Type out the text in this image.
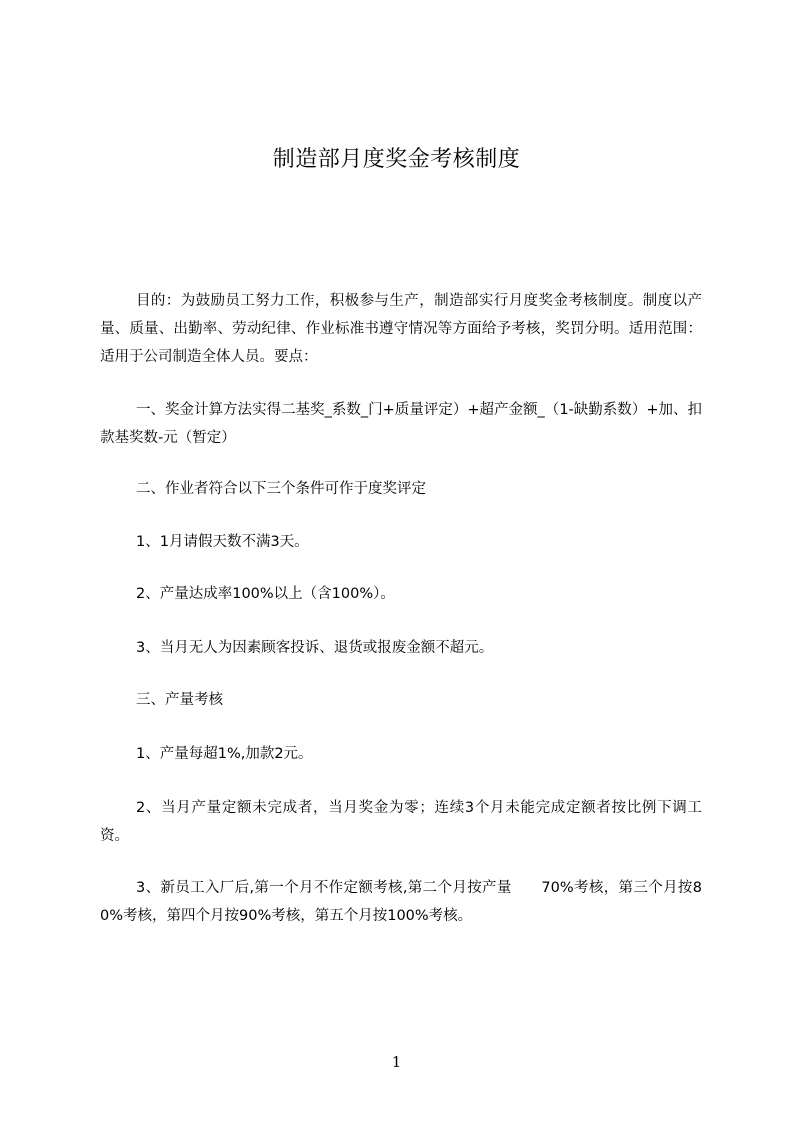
制造部月度奖金考核制度
目的：为鼓励员工努力工作，积极参与生产，制造部实行月度奖金考核制度。制度以产量、质量、出勤率、劳动纪律、作业标准书遵守情况等方面给予考核，奖罚分明。适用范围：适用于公司制造全体人员。要点：
一、奖金计算方法实得二基奖_系数_门+质量评定）+超产金额_（1-缺勤系数）+加、扣款基奖数-元（暂定）
二、作业者符合以下三个条件可作于度奖评定
1、1月请假天数不满3天。
2、产量达成率100%以上（含100%）。
3、当月无人为因素顾客投诉、退货或报废金额不超元。
三、产量考核
1、产量每超1%,加款2元。
2、当月产量定额未完成者，当月奖金为零；连续3个月未能完成定额者按比例下调工资。
3、新员工入厂后,第一个月不作定额考核,第二个月按产量　　70%考核，第三个月按80%考核，第四个月按90%考核，第五个月按100%考核。
1
